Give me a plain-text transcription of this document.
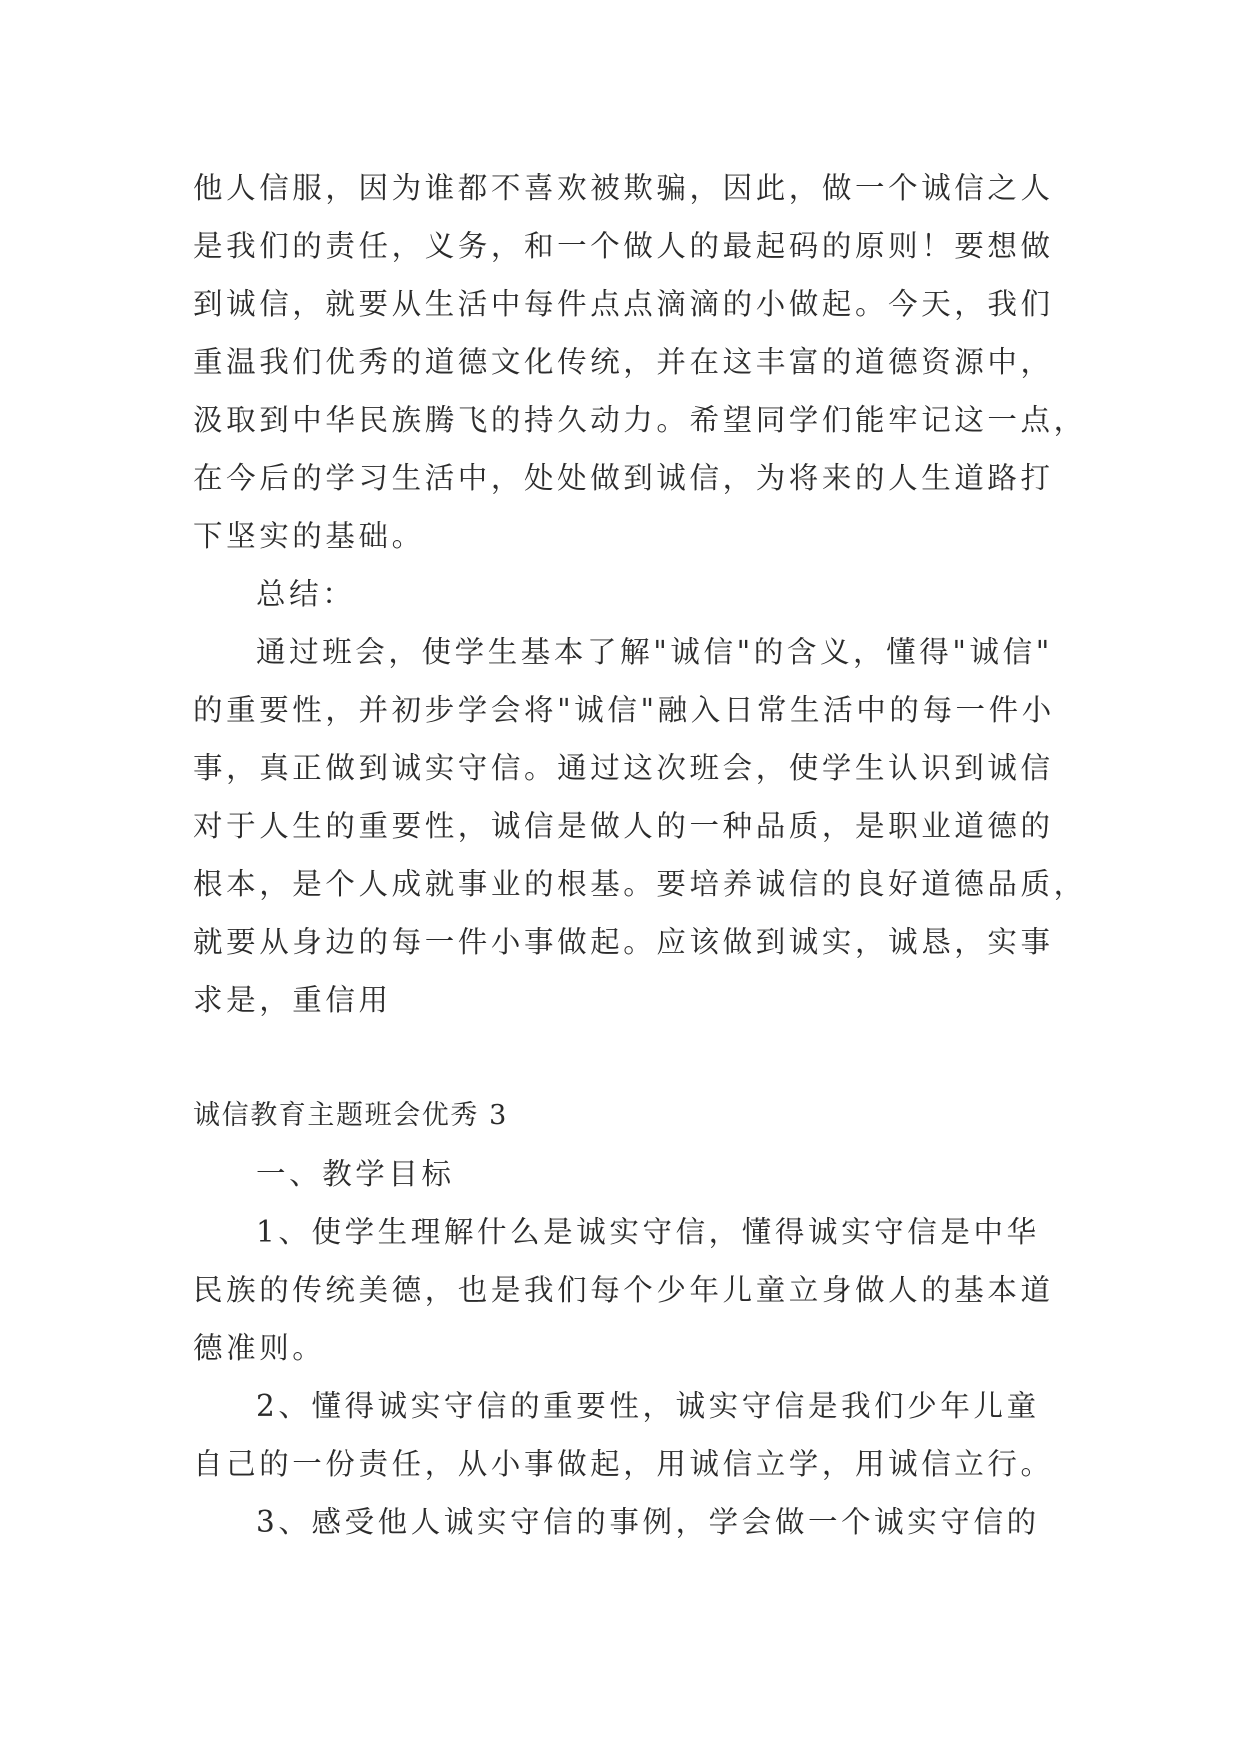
他人信服，因为谁都不喜欢被欺骗，因此，做一个诚信之人
是我们的责任，义务，和一个做人的最起码的原则！要想做
到诚信，就要从生活中每件点点滴滴的小做起。今天，我们
重温我们优秀的道德文化传统，并在这丰富的道德资源中，
汲取到中华民族腾飞的持久动力。希望同学们能牢记这一点，
在今后的学习生活中，处处做到诚信，为将来的人生道路打
下坚实的基础。
总结：
通过班会，使学生基本了解"诚信"的含义，懂得"诚信"
的重要性，并初步学会将"诚信"融入日常生活中的每一件小
事，真正做到诚实守信。通过这次班会，使学生认识到诚信
对于人生的重要性，诚信是做人的一种品质，是职业道德的
根本，是个人成就事业的根基。要培养诚信的良好道德品质，
就要从身边的每一件小事做起。应该做到诚实，诚恳，实事
求是，重信用
诚信教育主题班会优秀 3
一、教学目标
1、使学生理解什么是诚实守信，懂得诚实守信是中华
民族的传统美德，也是我们每个少年儿童立身做人的基本道
德准则。
2、懂得诚实守信的重要性，诚实守信是我们少年儿童
自己的一份责任，从小事做起，用诚信立学，用诚信立行。
3、感受他人诚实守信的事例，学会做一个诚实守信的
